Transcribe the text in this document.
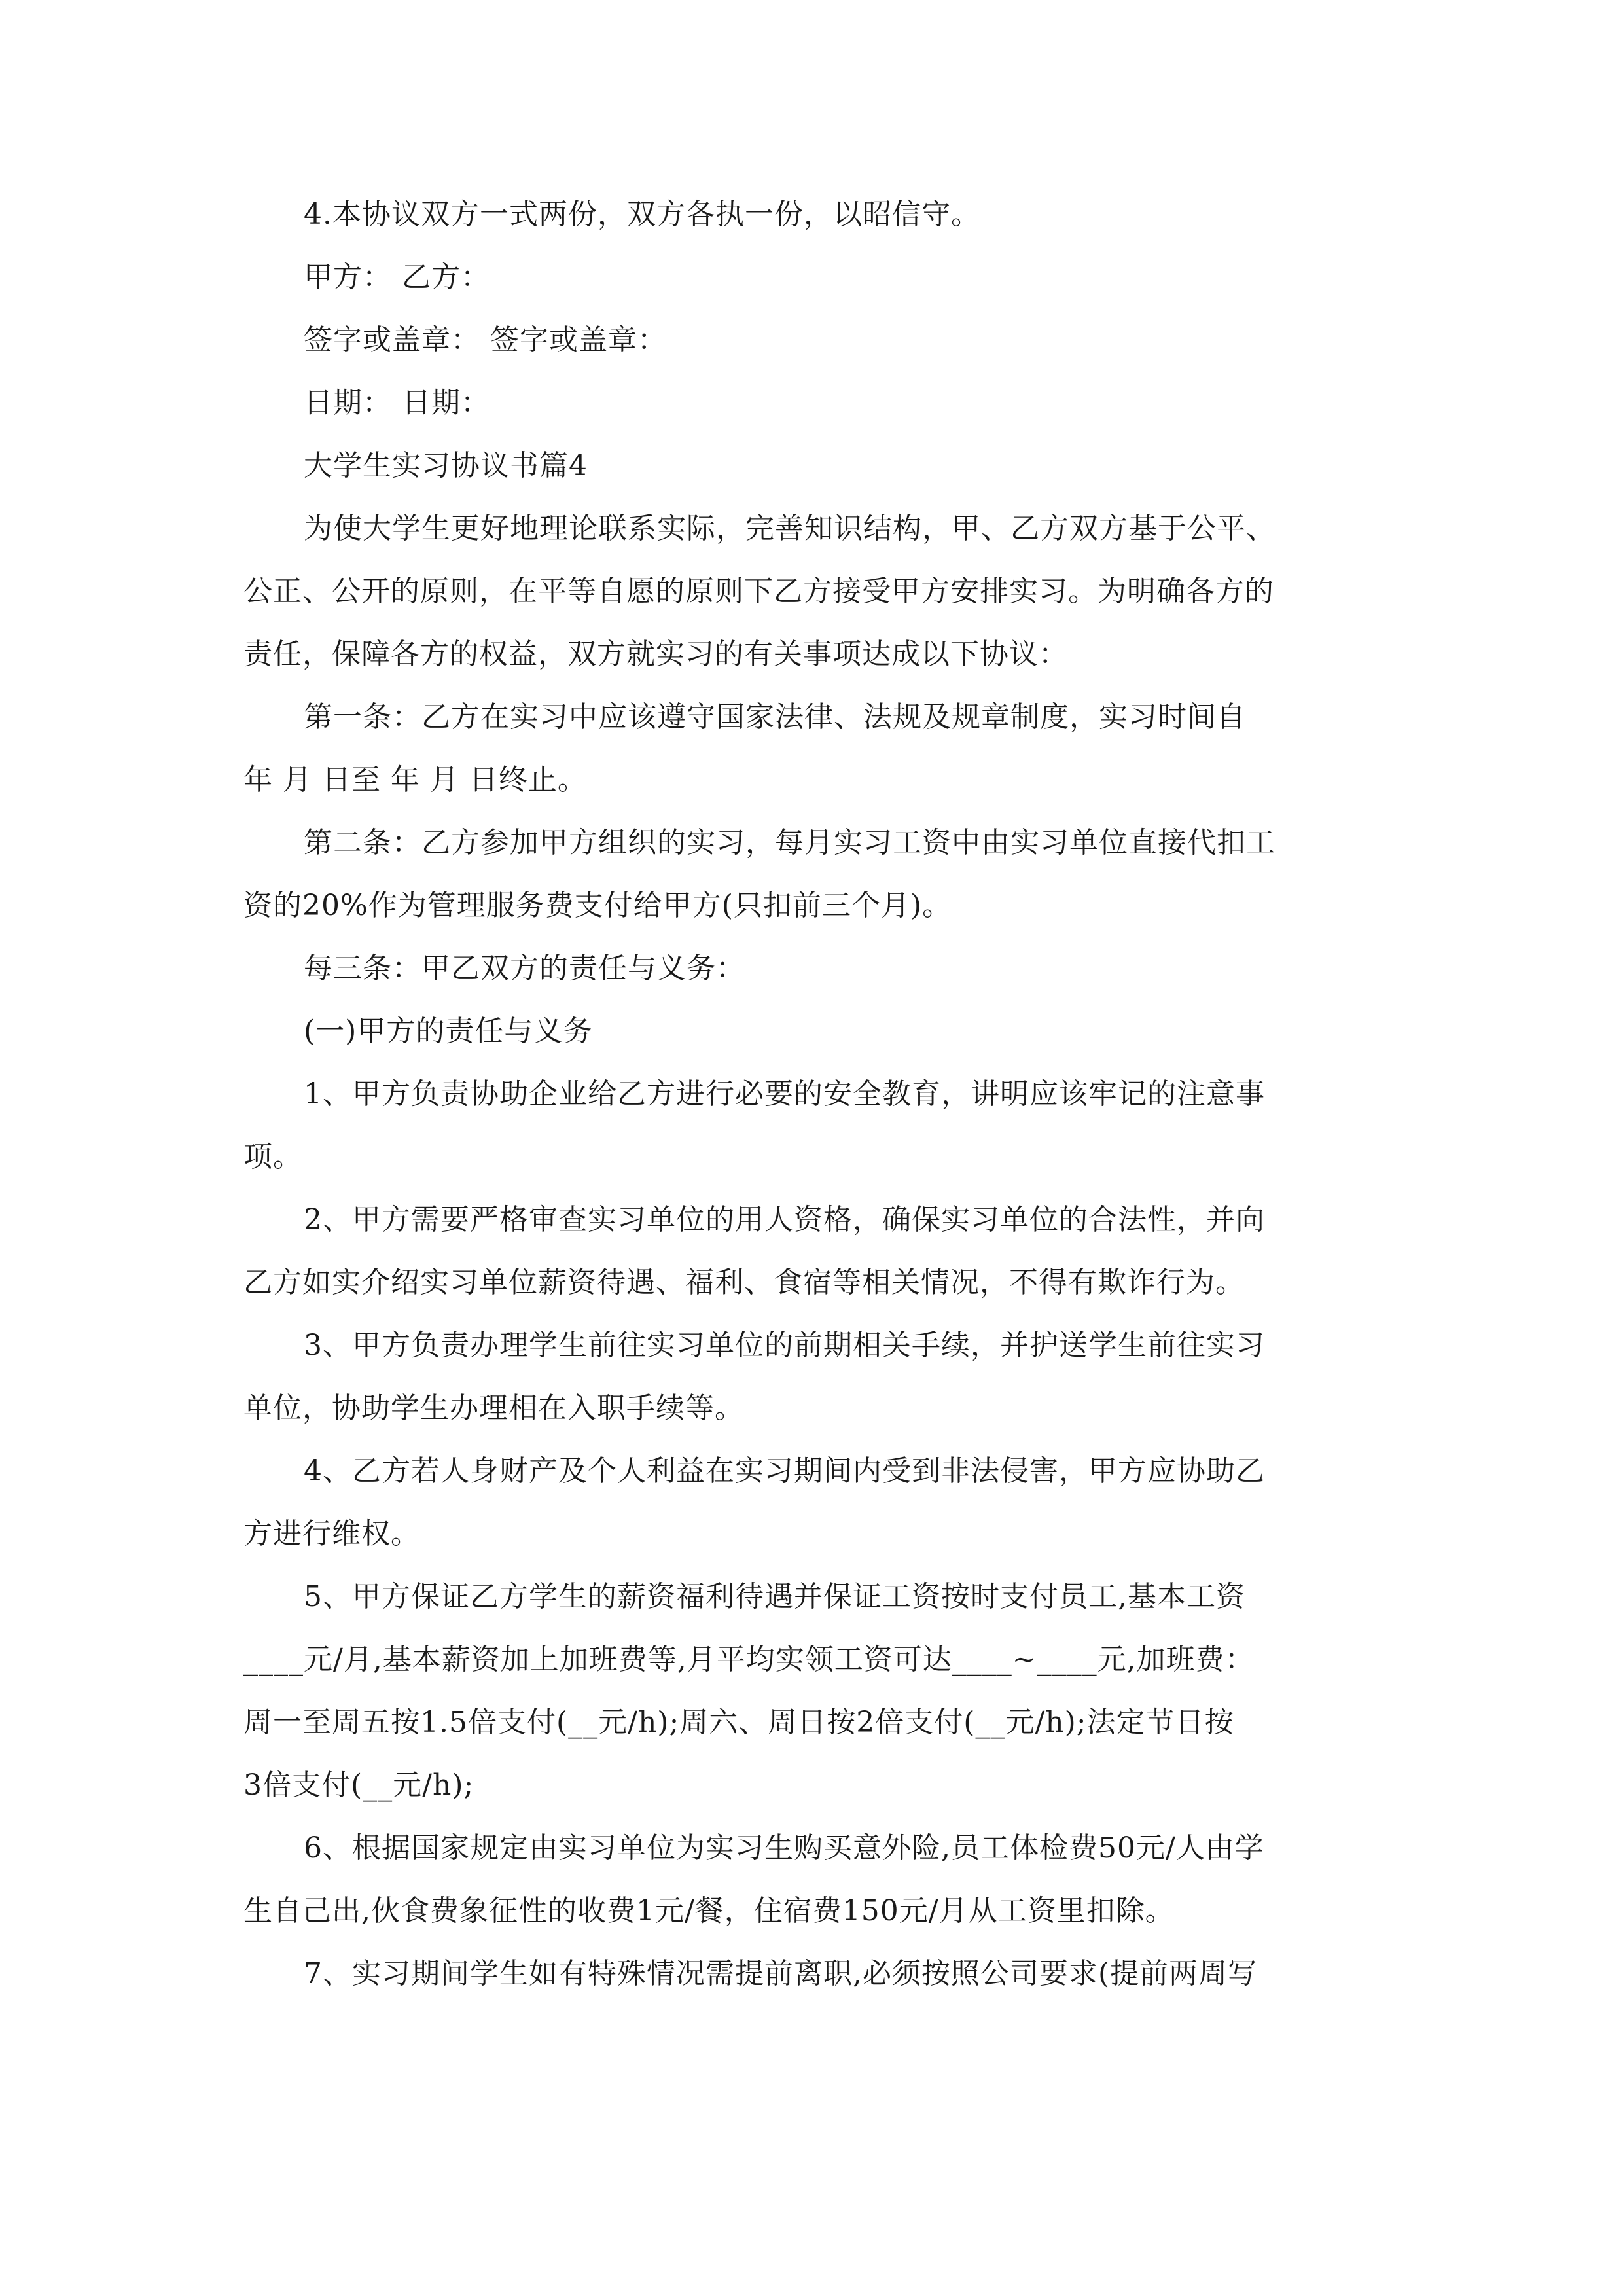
4.本协议双方一式两份，双方各执一份，以昭信守。
甲方： 乙方：
签字或盖章： 签字或盖章：
日期： 日期：
大学生实习协议书篇4
为使大学生更好地理论联系实际，完善知识结构，甲、乙方双方基于公平、
公正、公开的原则，在平等自愿的原则下乙方接受甲方安排实习。为明确各方的
责任，保障各方的权益，双方就实习的有关事项达成以下协议：
第一条：乙方在实习中应该遵守国家法律、法规及规章制度，实习时间自
年 月 日至 年 月 日终止。
第二条：乙方参加甲方组织的实习，每月实习工资中由实习单位直接代扣工
资的20%作为管理服务费支付给甲方(只扣前三个月)。
每三条：甲乙双方的责任与义务：
(一)甲方的责任与义务
1、甲方负责协助企业给乙方进行必要的安全教育，讲明应该牢记的注意事
项。
2、甲方需要严格审查实习单位的用人资格，确保实习单位的合法性，并向
乙方如实介绍实习单位薪资待遇、福利、食宿等相关情况，不得有欺诈行为。
3、甲方负责办理学生前往实习单位的前期相关手续，并护送学生前往实习
单位，协助学生办理相在入职手续等。
4、乙方若人身财产及个人利益在实习期间内受到非法侵害，甲方应协助乙
方进行维权。
5、甲方保证乙方学生的薪资福利待遇并保证工资按时支付员工,基本工资
____元/月,基本薪资加上加班费等,月平均实领工资可达____~____元,加班费：
周一至周五按1.5倍支付(__元/h);周六、周日按2倍支付(__元/h);法定节日按
3倍支付(__元/h);
6、根据国家规定由实习单位为实习生购买意外险,员工体检费50元/人由学
生自己出,伙食费象征性的收费1元/餐，住宿费150元/月从工资里扣除。
7、实习期间学生如有特殊情况需提前离职,必须按照公司要求(提前两周写
